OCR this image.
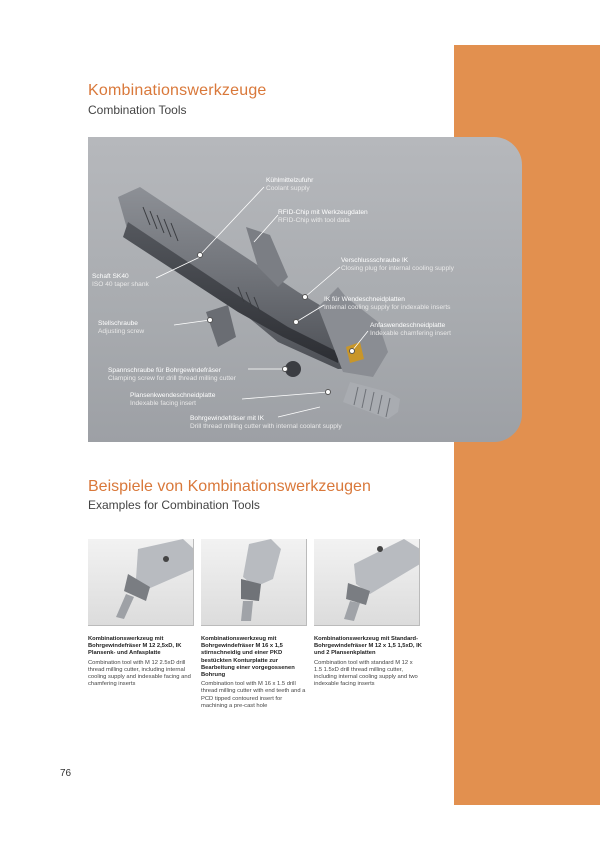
Kombinationswerkzeuge
Combination Tools
Kühlmittelzufuhr
Coolant supply
RFID-Chip mit Werkzeugdaten
RFID-Chip with tool data
Verschlussschraube IK
Closing plug for internal cooling supply
IK für Wendeschneidplatten
Internal cooling supply for indexable inserts
Anfaswendeschneidplatte
Indexable chamfering insert
Schaft SK40
ISO 40 taper shank
Stellschraube
Adjusting screw
Spannschraube für Bohrgewindefräser
Clamping screw for drill thread milling cutter
Plansenkwendeschneidplatte
Indexable facing insert
Bohrgewindefräser mit IK
Drill thread milling cutter with internal coolant supply
Beispiele von Kombinationswerkzeugen
Examples for Combination Tools
Kombinationswerkzeug mit Bohrgewindefräser M 12 2,5xD, IK Plansenk- und Anfasplatte
Combination tool with M 12 2.5xD drill thread milling cutter, including internal cooling supply and indexable facing and chamfering inserts
Kombinationswerkzeug mit Bohrgewindefräser M 16 x 1,5 stirnschneidig und einer PKD bestückten Konturplatte zur Bearbeitung einer vorgegossenen Bohrung
Combination tool with M 16 x 1.5 drill thread milling cutter with end teeth and a PCD tipped contoured insert for machining a pre-cast hole
Kombinationswerkzeug mit Standard-Bohrgewindefräser M 12 x 1,5 1,5xD, IK und 2 Plansenkplatten
Combination tool with standard M 12 x 1.5 1.5xD drill thread milling cutter, including internal cooling supply and two indexable facing inserts
76
